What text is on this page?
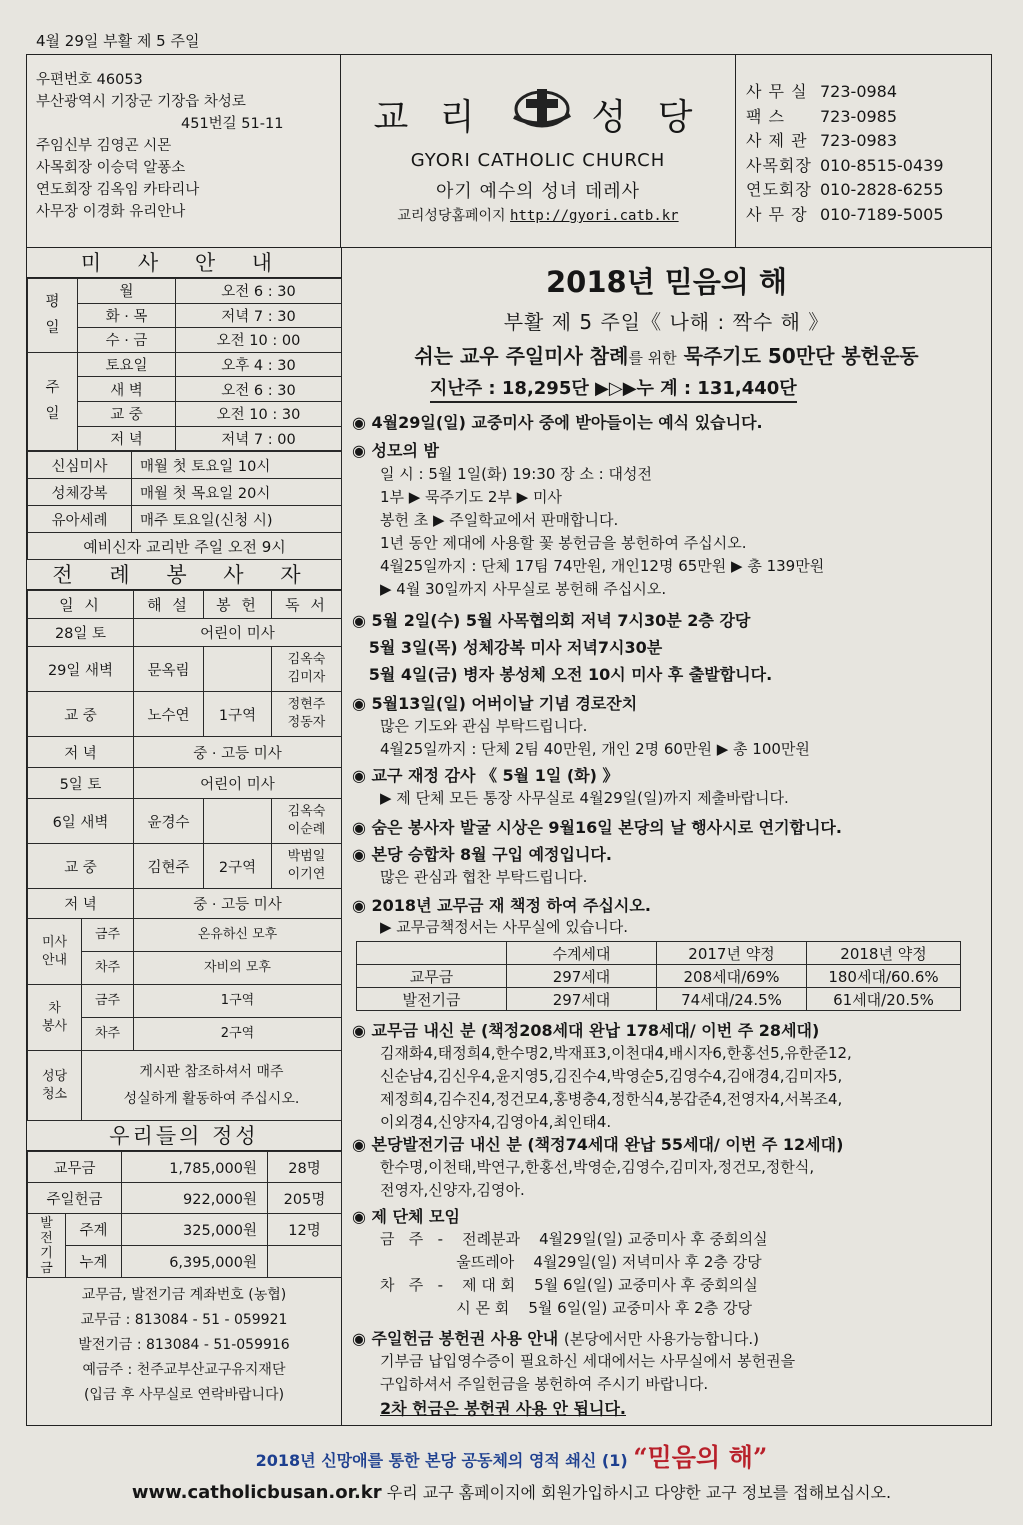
4월 29일 부활 제 5 주일
우편번호 46053
부산광역시 기장군 기장읍 차성로
451번길 51-11
주임신부 김영곤 시몬
사목회장 이승덕 알퐁소
연도회장 김옥임 카타리나
사무장 이경화 유리안나
교 리	성 당
GYORI CATHOLIC CHURCH
아기 예수의 성녀 데레사
교리성당홈페이지 http://gyori.catb.kr
사 무 실 723-0984
팩 스 723-0985
사 제 관 723-0983
사목회장 010-8515-0439
연도회장 010-2828-6255
사 무 장 010-7189-5005
미 사 안 내
평
일	월	오전 6 : 30
	화 · 목	저녁 7 : 30
	수 · 금	오전 10 : 00
주
일	토요일	오후 4 : 30
	새 벽	오전 6 : 30
	교 중	오전 10 : 30
	저 녁	저녁 7 : 00
신심미사	매월 첫 토요일 10시
성체강복	매월 첫 목요일 20시
유아세례	매주 토요일(신청 시)
예비신자 교리반 주일 오전 9시	
전 례 봉 사 자
일 시		해 설	봉 헌	독 서
28일 토		어린이 미사		
29일 새벽		문옥림		김옥숙
김미자

교 중		노수연	1구역	정현주
정동자

저 녁		중 · 고등 미사		
5일 토		어린이 미사		
6일 새벽		윤경수		김옥숙
이순례

교 중		김현주	2구역	박범일
이기연

저 녁		중 · 고등 미사		
미사
안내	금주	온유하신 모후		
	차주	자비의 모후		
차
봉사	금주	1구역		
	차주	2구역		
성당
청소	게시판 참조하셔서 매주
성실하게 활동하여 주십시오.			
우리들의 정성
교무금		1,785,000원	28명
주일헌금		922,000원	205명
발
전
기
금	주계	325,000원	12명
	누계	6,395,000원	
교무금, 발전기금 계좌번호 (농협)
교무금 : 813084 - 51 - 059921
발전기금 : 813084 - 51-059916
예금주 : 천주교부산교구유지재단
(입금 후 사무실로 연락바랍니다)
2018년 믿음의 해
부활 제 5 주일《 나해 : 짝수 해 》
쉬는 교우 주일미사 참례를 위한 묵주기도 50만단 봉헌운동
지난주 : 18,295단 ▶▷▶누 계 : 131,440단
◉ 4월29일(일) 교중미사 중에 받아들이는 예식 있습니다.
◉ 성모의 밤
일 시 : 5월 1일(화) 19:30 장 소 : 대성전
1부 ▶ 묵주기도 2부 ▶ 미사
봉헌 초 ▶ 주일학교에서 판매합니다.
1년 동안 제대에 사용할 꽃 봉헌금을 봉헌하여 주십시오.
4월25일까지 : 단체 17팀 74만원, 개인12명 65만원 ▶ 총 139만원
▶ 4월 30일까지 사무실로 봉헌해 주십시오.
◉ 5월 2일(수) 5월 사목협의회 저녁 7시30분 2층 강당
5월 3일(목) 성체강복 미사 저녁7시30분
5월 4일(금) 병자 봉성체 오전 10시 미사 후 출발합니다.
◉ 5월13일(일) 어버이날 기념 경로잔치
많은 기도와 관심 부탁드립니다.
4월25일까지 : 단체 2팀 40만원, 개인 2명 60만원 ▶ 총 100만원
◉ 교구 재정 감사 《 5월 1일 (화) 》
▶ 제 단체 모든 통장 사무실로 4월29일(일)까지 제출바랍니다.
◉ 숨은 봉사자 발굴 시상은 9월16일 본당의 날 행사시로 연기합니다.
◉ 본당 승합차 8월 구입 예정입니다.
많은 관심과 협찬 부탁드립니다.
◉ 2018년 교무금 재 책정 하여 주십시오.
▶ 교무금책정서는 사무실에 있습니다.
	수계세대	2017년 약정	2018년 약정
교무금	297세대	208세대/69%	180세대/60.6%
발전기금	297세대	74세대/24.5%	61세대/20.5%
◉ 교무금 내신 분 (책정208세대 완납 178세대/ 이번 주 28세대)
김재화4,태정희4,한수명2,박재표3,이천대4,배시자6,한홍선5,유한준12,
신순남4,김신우4,윤지영5,김진수4,박영순5,김영수4,김애경4,김미자5,
제정희4,김수진4,정건모4,홍병충4,정한식4,봉갑준4,전영자4,서복조4,
이외경4,신양자4,김영아4,최인태4.
◉ 본당발전기금 내신 분 (책정74세대 완납 55세대/ 이번 주 12세대)
한수명,이천태,박연구,한홍선,박영순,김영수,김미자,정건모,정한식,
전영자,신양자,김영아.
◉ 제 단체 모임
금   주   -    전례분과    4월29일(일) 교중미사 후 중회의실
울뜨레아    4월29일(일) 저녁미사 후 2층 강당
차   주   -    제 대 회    5월 6일(일) 교중미사 후 중회의실
시 몬 회    5월 6일(일) 교중미사 후 2층 강당
◉ 주일헌금 봉헌권 사용 안내 (본당에서만 사용가능합니다.)
기부금 납입영수증이 필요하신 세대에서는 사무실에서 봉헌권을
구입하셔서 주일헌금을 봉헌하여 주시기 바랍니다.
2차 헌금은 봉헌권 사용 안 됩니다.
2018년 신망애를 통한 본당 공동체의 영적 쇄신 (1) “믿음의 해”
www.catholicbusan.or.kr 우리 교구 홈페이지에 회원가입하시고 다양한 교구 정보를 접해보십시오.
